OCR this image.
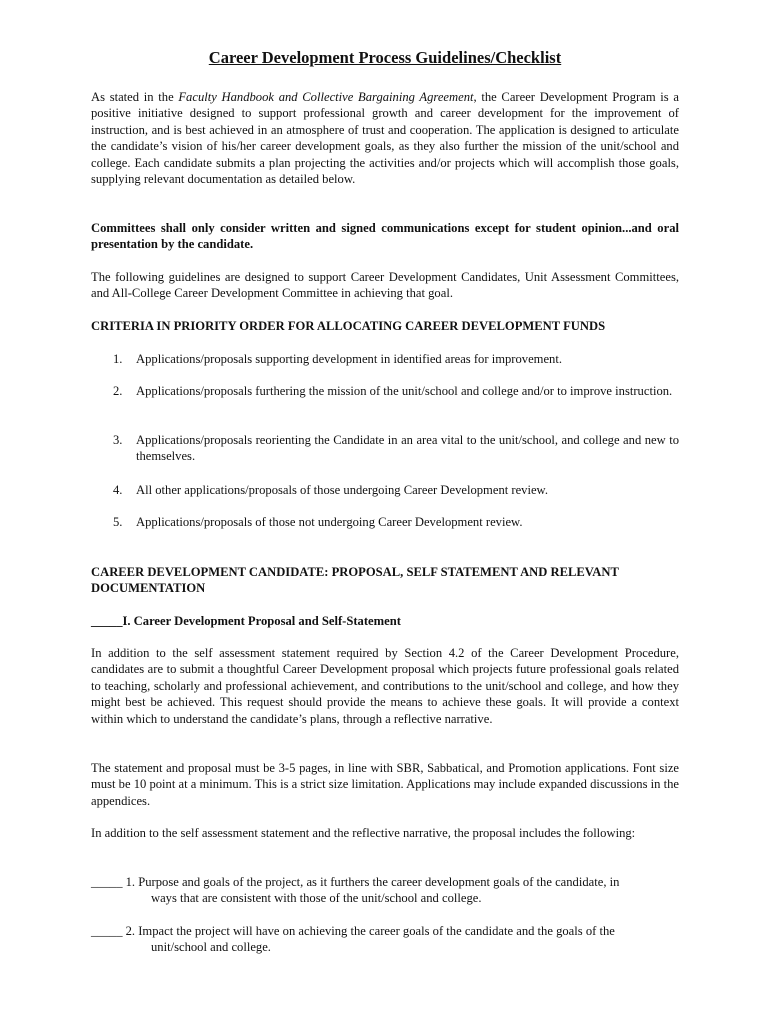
Career Development Process Guidelines/Checklist

As stated in the Faculty Handbook and Collective Bargaining Agreement, the Career Development Program is a positive initiative designed to support professional growth and career development for the improvement of instruction, and is best achieved in an atmosphere of trust and cooperation. The application is designed to articulate the candidate’s vision of his/her career development goals, as they also further the mission of the unit/school and college. Each candidate submits a plan projecting the activities and/or projects which will accomplish those goals, supplying relevant documentation as detailed below.

Committees shall only consider written and signed communications except for student opinion...and oral presentation by the candidate.

The following guidelines are designed to support Career Development Candidates, Unit Assessment Committees, and All-College Career Development Committee in achieving that goal.

CRITERIA IN PRIORITY ORDER FOR ALLOCATING CAREER DEVELOPMENT FUNDS

1. Applications/proposals supporting development in identified areas for improvement.
2. Applications/proposals furthering the mission of the unit/school and college and/or to improve instruction.
3. Applications/proposals reorienting the Candidate in an area vital to the unit/school, and college and new to themselves.
4. All other applications/proposals of those undergoing Career Development review.
5. Applications/proposals of those not undergoing Career Development review.

CAREER DEVELOPMENT CANDIDATE: PROPOSAL, SELF STATEMENT AND RELEVANT DOCUMENTATION

_____I. Career Development Proposal and Self-Statement

In addition to the self assessment statement required by Section 4.2 of the Career Development Procedure, candidates are to submit a thoughtful Career Development proposal which projects future professional goals related to teaching, scholarly and professional achievement, and contributions to the unit/school and college, and how they might best be achieved. This request should provide the means to achieve these goals. It will provide a context within which to understand the candidate’s plans, through a reflective narrative.

The statement and proposal must be 3-5 pages, in line with SBR, Sabbatical, and Promotion applications. Font size must be 10 point at a minimum. This is a strict size limitation. Applications may include expanded discussions in the appendices.

In addition to the self assessment statement and the reflective narrative, the proposal includes the following:

_____ 1. Purpose and goals of the project, as it furthers the career development goals of the candidate, in
ways that are consistent with those of the unit/school and college.
_____ 2. Impact the project will have on achieving the career goals of the candidate and the goals of the
unit/school and college.
